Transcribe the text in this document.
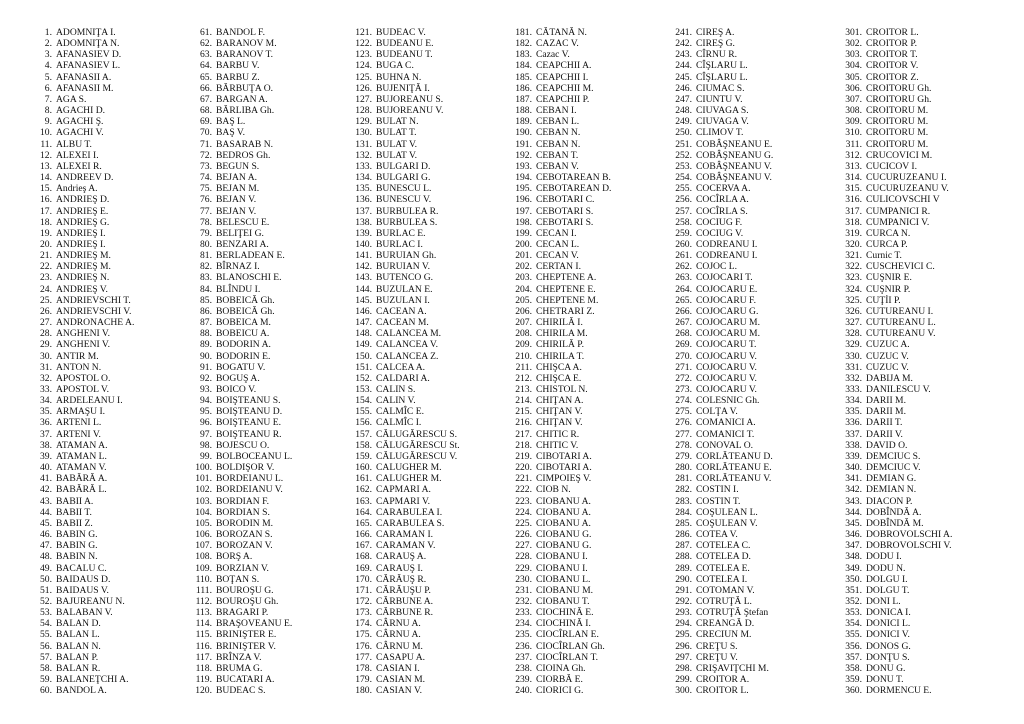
1. ADOMNIŢA I.
2. ADOMNIŢA N.
3. AFANASIEV D.
4. AFANASIEV L.
5. AFANASII A.
6. AFANASII M.
7. AGA S.
8. AGACHI D.
9. AGACHI Ş.
10. AGACHI V.
11. ALBU T.
12. ALEXEI I.
13. ALEXEI R.
14. ANDREEV D.
15. Andrieş A.
16. ANDRIEŞ D.
17. ANDRIEŞ E.
18. ANDRIEŞ G.
19. ANDRIEŞ I.
20. ANDRIEŞ I.
21. ANDRIEŞ M.
22. ANDRIEŞ M.
23. ANDRIEŞ N.
24. ANDRIEŞ V.
25. ANDRIEVSCHI T.
26. ANDRIEVSCHI V.
27. ANDRONACHE A.
28. ANGHENI V.
29. ANGHENI V.
30. ANTIR M.
31. ANTON N.
32. APOSTOL O.
33. APOSTOL V.
34. ARDELEANU I.
35. ARMAŞU I.
36. ARTENI L.
37. ARTENI V.
38. ATAMAN A.
39. ATAMAN L.
40. ATAMAN V.
41. BABĂRĂ A.
42. BABĂRĂ L.
43. BABII A.
44. BABII T.
45. BABII Z.
46. BABIN G.
47. BABIN G.
48. BABIN N.
49. BACALU C.
50. BAIDAUS D.
51. BAIDAUS V.
52. BAJUREANU N.
53. BALABAN V.
54. BALAN D.
55. BALAN L.
56. BALAN N.
57. BALAN P.
58. BALAN R.
59. BALANEŢCHI A.
60. BANDOL A.
61. BANDOL F.
62. BARANOV M.
63. BARANOV T.
64. BARBU V.
65. BARBU Z.
66. BĂRBUŢA O.
67. BARGAN A.
68. BĂRLIBA Gh.
69. BAŞ L.
70. BAŞ V.
71. BASARAB N.
72. BEDROS Gh.
73. BEGUN S.
74. BEJAN A.
75. BEJAN M.
76. BEJAN V.
77. BEJAN V.
78. BELESCU E.
79. BELIŢEI G.
80. BENZARI A.
81. BERLADEAN E.
82. BÎRNAZ I.
83. BLANOSCHI E.
84. BLÎNDU I.
85. BOBEICĂ Gh.
86. BOBEICĂ Gh.
87. BOBEICA M.
88. BOBEICU A.
89. BODORIN A.
90. BODORIN E.
91. BOGATU V.
92. BOGUŞ A.
93. BOICO V.
94. BOIŞTEANU S.
95. BOIŞTEANU D.
96. BOIŞTEANU E.
97. BOIŞTEANU R.
98. BOJESCU O.
99. BOLBOCEANU L.
100. BOLDIŞOR V.
101. BORDEIANU L.
102. BORDEIANU V.
103. BORDIAN F.
104. BORDIAN S.
105. BORODIN M.
106. BOROZAN S.
107. BOROZAN V.
108. BORŞ A.
109. BORZIAN V.
110. BOŢAN S.
111. BOUROŞU G.
112. BOUROŞU Gh.
113. BRAGARI P.
114. BRAŞOVEANU E.
115. BRINIŞTER E.
116. BRINIŞTER V.
117. BRÎNZA V.
118. BRUMA G.
119. BUCATARI A.
120. BUDEAC S.
121. BUDEAC V.
122. BUDEANU E.
123. BUDEANU T.
124. BUGA C.
125. BUHNA N.
126. BUJENIŢĂ I.
127. BUJOREANU S.
128. BUJOREANU V.
129. BULAT N.
130. BULAT T.
131. BULAT V.
132. BULAT V.
133. BULGARI D.
134. BULGARI G.
135. BUNESCU L.
136. BUNESCU V.
137. BURBULEA R.
138. BURBULEA S.
139. BURLAC E.
140. BURLAC I.
141. BURUIAN Gh.
142. BURUIAN V.
143. BUTENCO G.
144. BUZULAN E.
145. BUZULAN I.
146. CACEAN A.
147. CACEAN M.
148. CALANCEA M.
149. CALANCEA V.
150. CALANCEA Z.
151. CALCEA A.
152. CALDARI A.
153. CALIN S.
154. CALIN V.
155. CALMÎC E.
156. CALMÎC I.
157. CĂLUGĂRESCU S.
158. CĂLUGĂRESCU St.
159. CĂLUGĂRESCU V.
160. CALUGHER M.
161. CALUGHER M.
162. CAPMARI A.
163. CAPMARI V.
164. CARABULEA I.
165. CARABULEA S.
166. CARAMAN I.
167. CARAMAN V.
168. CARAUŞ A.
169. CARAUŞ I.
170. CĂRĂUŞ R.
171. CĂRĂUŞU P.
172. CĂRBUNE A.
173. CĂRBUNE R.
174. CÂRNU A.
175. CÂRNU A.
176. CÂRNU M.
177. CASAPU A.
178. CASIAN I.
179. CASIAN M.
180. CASIAN V.
181. CĂTANĂ N.
182. CAZAC V.
183. Cazac V.
184. CEAPCHII A.
185. CEAPCHII I.
186. CEAPCHII M.
187. CEAPCHII P.
188. CEBAN I.
189. CEBAN L.
190. CEBAN N.
191. CEBAN N.
192. CEBAN T.
193. CEBAN V.
194. CEBOTAREAN B.
195. CEBOTAREAN D.
196. CEBOTARI C.
197. CEBOTARI S.
198. CEBOTARI S.
199. CECAN I.
200. CECAN L.
201. CECAN V.
202. CERTAN I.
203. CHEPTENE A.
204. CHEPTENE E.
205. CHEPTENE M.
206. CHETRARI Z.
207. CHIRILĂ I.
208. CHIRILA M.
209. CHIRILĂ P.
210. CHIRILA T.
211. CHIŞCA A.
212. CHIŞCA E.
213. CHISTOL N.
214. CHIŢAN A.
215. CHIŢAN V.
216. CHIŢAN V.
217. CHITIC R.
218. CHITIC V.
219. CIBOTARI A.
220. CIBOTARI A.
221. CIMPOIEŞ V.
222. CIOB N.
223. CIOBANU A.
224. CIOBANU A.
225. CIOBANU A.
226. CIOBANU G.
227. CIOBANU G.
228. CIOBANU I.
229. CIOBANU I.
230. CIOBANU L.
231. CIOBANU M.
232. CIOBANU T.
233. CIOCHINĂ E.
234. CIOCHINĂ I.
235. CIOCÎRLAN E.
236. CIOCÎRLAN Gh.
237. CIOCÎRLAN T.
238. CIOINA Gh.
239. CIORBĂ E.
240. CIORICI G.
241. CIREŞ A.
242. CIREŞ G.
243. CÎRNU R.
244. CÎŞLARU L.
245. CÎŞLARU L.
246. CIUMAC S.
247. CIUNTU V.
248. CIUVAGA S.
249. CIUVAGA V.
250. CLIMOV T.
251. COBÂŞNEANU E.
252. COBÂŞNEANU G.
253. COBÂŞNEANU V.
254. COBÂŞNEANU V.
255. COCERVA A.
256. COCÎRLA A.
257. COCÎRLA S.
258. COCIUG F.
259. COCIUG V.
260. CODREANU I.
261. CODREANU I.
262. COJOC L.
263. COJOCARI T.
264. COJOCARU E.
265. COJOCARU F.
266. COJOCARU G.
267. COJOCARU M.
268. COJOCARU M.
269. COJOCARU T.
270. COJOCARU V.
271. COJOCARU V.
272. COJOCARU V.
273. COJOCARU V.
274. COLESNIC Gh.
275. COLŢA V.
276. COMANICI A.
277. COMANICI T.
278. CONOVAL O.
279. CORLĂTEANU D.
280. CORLĂTEANU E.
281. CORLĂTEANU V.
282. COSTIN I.
283. COSTIN T.
284. COŞULEAN L.
285. COŞULEAN V.
286. COTEA V.
287. COTELEA C.
288. COTELEA D.
289. COTELEA E.
290. COTELEA I.
291. COTOMAN V.
292. COTRUŢĂ L.
293. COTRUŢĂ Ştefan
294. CREANGĂ D.
295. CRECIUN M.
296. CREŢU S.
297. CREŢU V.
298. CRIŞAVIŢCHI M.
299. CROITOR A.
300. CROITOR L.
301. CROITOR L.
302. CROITOR P.
303. CROITOR T.
304. CROITOR V.
305. CROITOR Z.
306. CROITORU Gh.
307. CROITORU Gh.
308. CROITORU M.
309. CROITORU M.
310. CROITORU M.
311. CROITORU M.
312. CRUCOVICI M.
313. CUCICOV I.
314. CUCURUZEANU I.
315. CUCURUZEANU V.
316. CULICOVSCHI V
317. CUMPANICI R.
318. CUMPANICI V.
319. CURCA N.
320. CURCA P.
321. Curnic T.
322. CUSCHEVICI C.
323. CUŞNIR E.
324. CUŞNIR P.
325. CUŢİI P.
326. CUTUREANU I.
327. CUTUREANU L.
328. CUTUREANU V.
329. CUZUC A.
330. CUZUC V.
331. CUZUC V.
332. DABIJA M.
333. DANILESCU V.
334. DARII M.
335. DARII M.
336. DARII T.
337. DARII V.
338. DAVID O.
339. DEMCIUC S.
340. DEMCIUC V.
341. DEMIAN G.
342. DEMIAN N.
343. DIACON P.
344. DOBÎNDĂ A.
345. DOBÎNDĂ M.
346. DOBROVOLSCHI A.
347. DOBROVOLSCHI V.
348. DODU I.
349. DODU N.
350. DOLGU I.
351. DOLGU T.
352. DONI L.
353. DONICA I.
354. DONICI L.
355. DONICI V.
356. DONOS G.
357. DONŢU S.
358. DONU G.
359. DONU T.
360. DORMENCU E.
